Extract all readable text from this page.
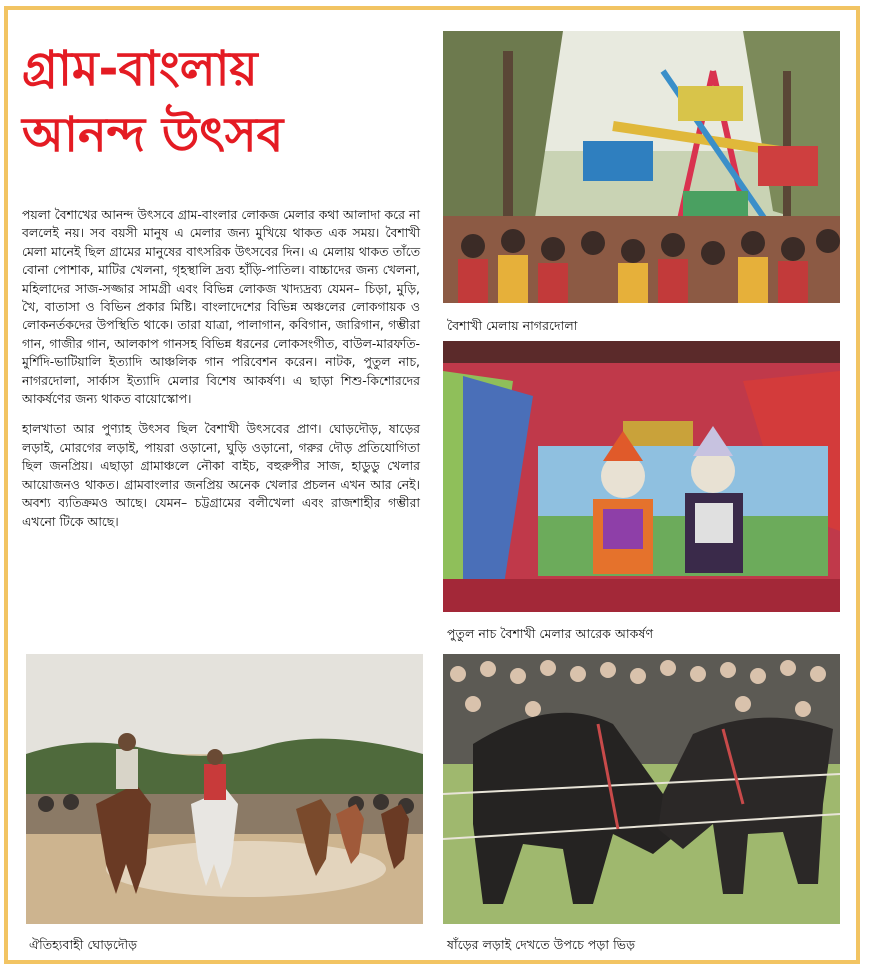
গ্রাম-বাংলায়
আনন্দ উৎসব

পয়লা বৈশাখের আনন্দ উৎসবে গ্রাম-বাংলার লোকজ মেলার কথা আলাদা করে না বললেই নয়। সব বয়সী মানুষ এ মেলার জন্য মুখিয়ে থাকত এক সময়। বৈশাখী মেলা মানেই ছিল গ্রামের মানুষের বাৎসরিক উৎসবের দিন। এ মেলায় থাকত তাঁতে বোনা পোশাক, মাটির খেলনা, গৃহস্থালি দ্রব্য হাঁড়ি-পাতিল। বাচ্চাদের জন্য খেলনা, মহিলাদের সাজ-সজ্জার সামগ্রী এবং বিভিন্ন লোকজ খাদ্যদ্রব্য যেমন– চিড়া, মুড়ি, খৈ, বাতাসা ও বিভিন প্রকার মিষ্টি। বাংলাদেশের বিভিন্ন অঞ্চলের লোকগায়ক ও লোকনর্তকদের উপস্থিতি থাকে। তারা যাত্রা, পালাগান, কবিগান, জারিগান, গম্ভীরা গান, গাজীর গান, আলকাপ গানসহ বিভিন্ন ধরনের লোকসংগীত, বাউল-মারফতি-মুর্শিদি-ভাটিয়ালি ইত্যাদি আঞ্চলিক গান পরিবেশন করেন। নাটক, পুতুল নাচ, নাগরদোলা, সার্কাস ইত্যাদি মেলার বিশেষ আকর্ষণ। এ ছাড়া শিশু-কিশোরদের আকর্ষণের জন্য থাকত বায়োস্কোপ।

হালখাতা আর পুণ্যাহ উৎসব ছিল বৈশাখী উৎসবের প্রাণ। ঘোড়দৌড়, ষাড়ের লড়াই, মোরগের লড়াই, পায়রা ওড়ানো, ঘুড়ি ওড়ানো, গরুর দৌড় প্রতিযোগিতা ছিল জনপ্রিয়। এছাড়া গ্রামাঞ্চলে নৌকা বাইচ, বহুরুপীর সাজ, হাডুডু খেলার আয়োজনও থাকত। গ্রামবাংলার জনপ্রিয় অনেক খেলার প্রচলন এখন আর নেই। অবশ্য ব্যতিক্রমও আছে। যেমন– চট্টগ্রামের বলীখেলা এবং রাজশাহীর গম্ভীরা এখনো টিকে আছে।

বৈশাখী মেলায় নাগরদোলা
পুতুল নাচ বৈশাখী মেলার আরেক আকর্ষণ
ঐতিহ্যবাহী ঘোড়দৌড়	ষাঁড়ের লড়াই দেখতে উপচে পড়া ভিড়
